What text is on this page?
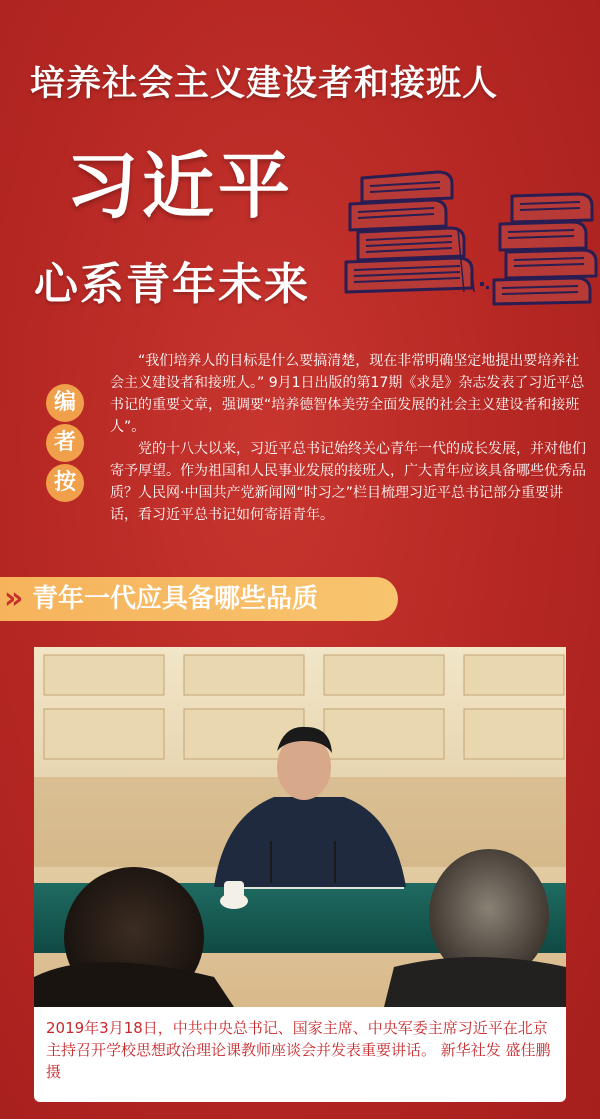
培养社会主义建设者和接班人
习近平
心系青年未来
编
者
按

“我们培养人的目标是什么要搞清楚，现在非常明确坚定地提出要培养社会主义建设者和接班人。” 9月1日出版的第17期《求是》杂志发表了习近平总书记的重要文章，强调要“培养德智体美劳全面发展的社会主义建设者和接班人”。

党的十八大以来，习近平总书记始终关心青年一代的成长发展，并对他们寄予厚望。作为祖国和人民事业发展的接班人，广大青年应该具备哪些优秀品质？人民网·中国共产党新闻网“时习之”栏目梳理习近平总书记部分重要讲话，看习近平总书记如何寄语青年。

» 青年一代应具备哪些品质
2019年3月18日，中共中央总书记、国家主席、中央军委主席习近平在北京主持召开学校思想政治理论课教师座谈会并发表重要讲话。 新华社发 盛佳鹏 摄
